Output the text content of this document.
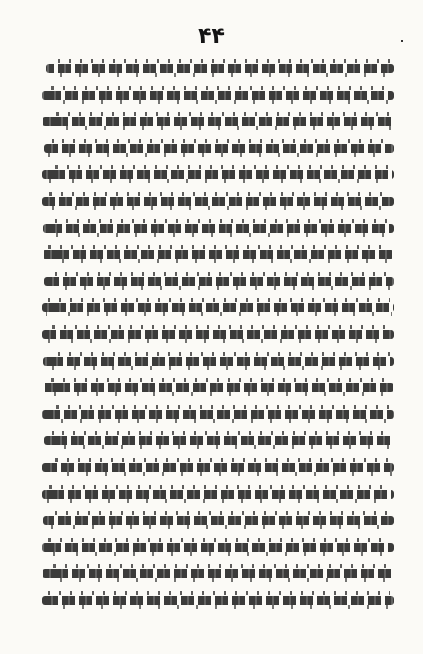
۴۴
